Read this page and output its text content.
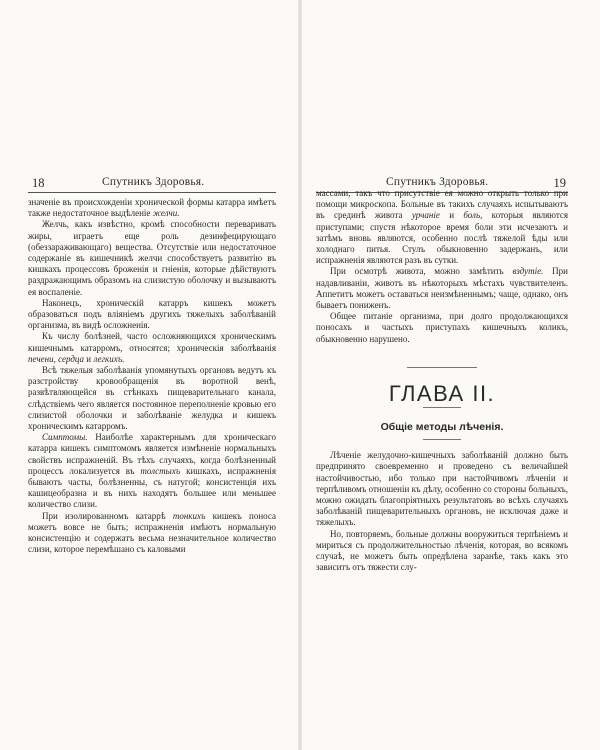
18	Спутникъ Здоровья.

значеніе въ происхожденіи хронической формы катарра имѣетъ также недостаточное выдѣленіе желчи.

Желчь, какъ извѣстно, кромѣ способности переваривать жиры, играетъ еще роль дезинфецирующаго (обеззараживающаго) вещества. Отсутствіе или недостаточное содержаніе въ кишечникѣ желчи способствуетъ развитію въ кишкахъ процессовъ броженія и гніенія, которые дѣйствуютъ раздражающимъ образомъ на слизистую оболочку и вызываютъ ея воспаленіе.

Наконецъ, хроническій катарръ кишекъ можетъ образоваться подъ вліяніемъ другихъ тяжелыхъ заболѣваній организма, въ видѣ осложненія.

Къ числу болѣзней, часто осложняющихся хроническимъ кишечнымъ катарромъ, относятся; хроническія заболѣванія печени, сердца и легкихъ.

Всѣ тяжелыя заболѣванія упомянутыхъ органовъ ведутъ къ разстройству кровообращенія въ воротной венѣ, развѣтвляющейся въ стѣнкахъ пищеварительнаго канала, слѣдствіемъ чего является постоянное переполненіе кровью его слизистой оболочки и заболѣваніе желудка и кишекъ хроническимъ катарромъ.

Симптомы. Наиболѣе характернымъ для хроническаго катарра кишекъ симптомомъ является измѣненіе нормальныхъ свойствъ испражненій. Въ тѣхъ случаяхъ, когда болѣзненный процессъ локализуется въ толстыхъ кишкахъ, испражненія бываютъ часты, болѣзненны, съ натугой; консистенція ихъ кашицеобразна и въ нихъ находятъ большее или меньшее количество слизи.

При изолированномъ катаррѣ тонкихъ кишекъ поноса можетъ вовсе не быть; испражненія имѣютъ нормальную консистенцію и содержатъ весьма незначительное количество слизи, которое перемѣшано съ каловыми

Спутникъ Здоровья.	19

массами, такъ что присутствіе ея можно открыть только при помощи микроскопа. Больные въ такихъ случаяхъ испытываютъ въ срединѣ живота урчаніе и боль, которыя являются приступами; спустя нѣкоторое время боли эти исчезаютъ и затѣмъ вновь являются, особенно послѣ тяжелой ѣды или холоднаго питья. Стулъ обыкновенно задержанъ, или испражненія являются разъ въ сутки.

При осмотрѣ живота, можно замѣтить вздутіе. При надавливаніи, животъ въ нѣкоторыхъ мѣстахъ чувствителенъ. Аппетитъ можетъ оставаться неизмѣненнымъ; чаще, однако, онъ бываетъ пониженъ.

Общее питаніе организма, при долго продолжающихся поносахъ и частыхъ приступахъ кишечныхъ коликъ, обыкновенно нарушено.

ГЛАВА II.
Общіе методы лѣченія.

Лѣченіе желудочно-кишечныхъ заболѣваній должно быть предпринято своевременно и проведено съ величайшей настойчивостью, ибо только при настойчивомъ лѣченіи и терпѣливомъ отношеніи къ дѣлу, особенно со стороны больныхъ, можно ожидать благопріятныхъ результатовъ во всѣхъ случаяхъ заболѣваній пищеварительныхъ органовъ, не исключая даже и тяжелыхъ.

Но, повторяемъ, больные должны вооружиться терпѣніемъ и мириться съ продолжительностью лѣченія, которая, во всякомъ случаѣ, не можетъ быть опредѣлена заранѣе, такъ какъ это зависитъ отъ тяжести слу-
